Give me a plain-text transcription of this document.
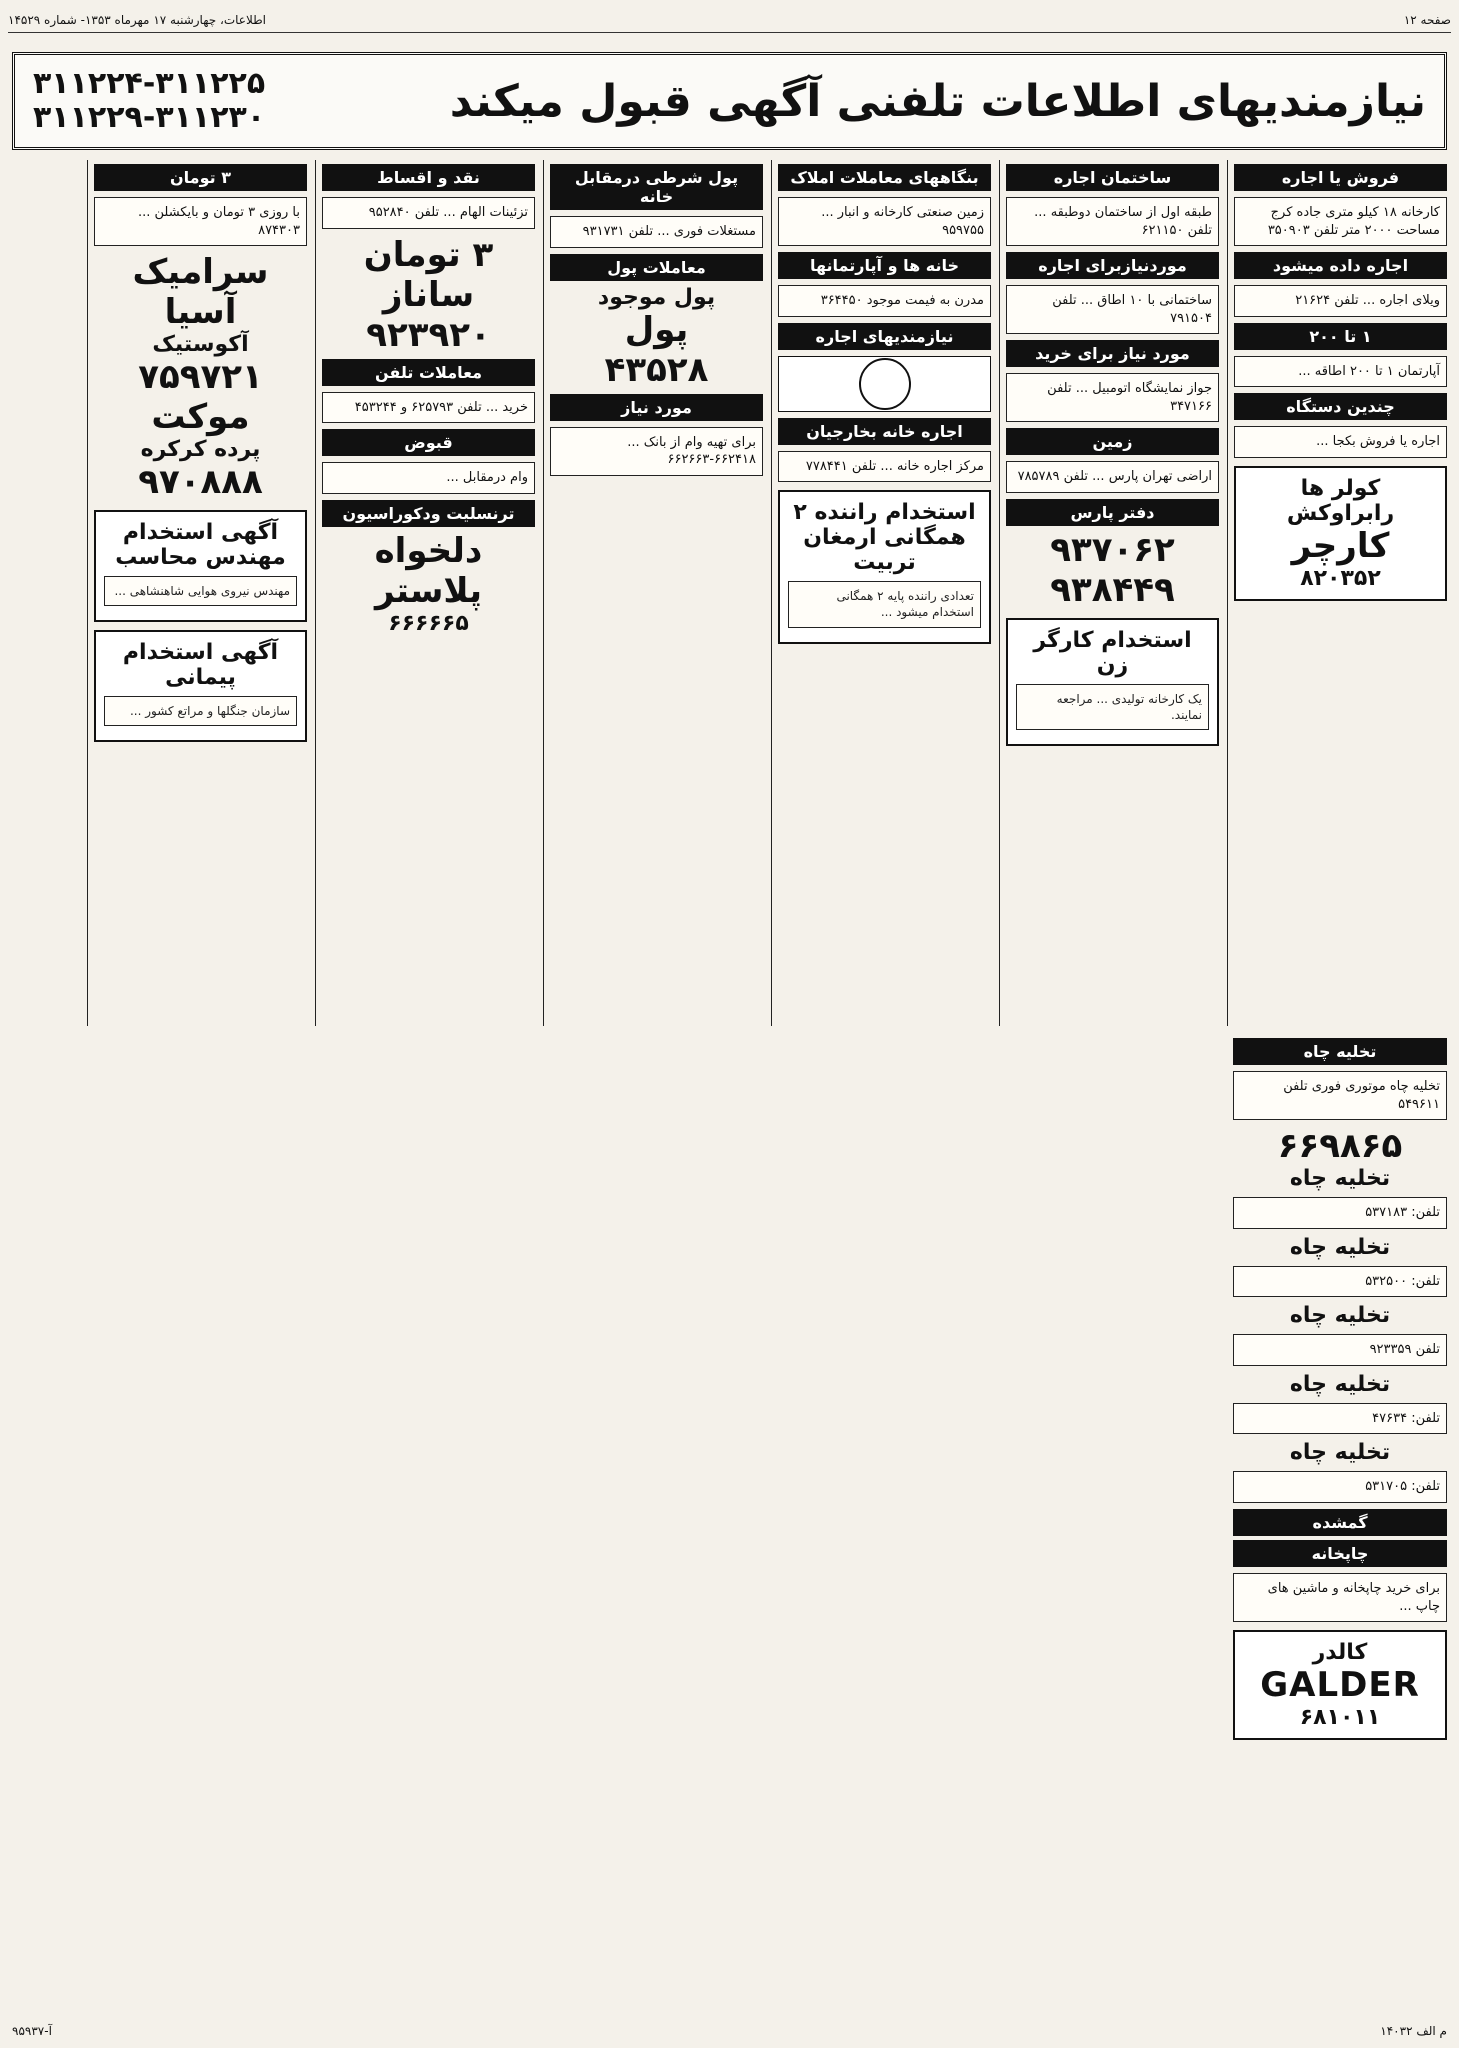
صفحه ۱۲
اطلاعات، چهارشنبه ۱۷ مهرماه ۱۳۵۳- شماره ۱۴۵۲۹
نیازمندیهای اطلاعات تلفنی آگهی قبول میکند
۳۱۱۲۲۴-۳۱۱۲۲۵
۳۱۱۲۲۹-۳۱۱۲۳۰
فروش یا اجاره
کارخانه ۱۸ کیلو متری جاده کرج مساحت ۲۰۰۰ متر تلفن ۳۵۰۹۰۳
اجاره داده میشود
ویلای اجاره ... تلفن ۲۱۶۲۴
۱ تا ۲۰۰
آپارتمان ۱ تا ۲۰۰ اطاقه ...
چندین دستگاه
اجاره یا فروش بکجا ...
کولر ها رابراوکش
کارچر
۸۲۰۳۵۲
ساختمان اجاره
طبقه اول از ساختمان دوطبقه ... تلفن ۶۲۱۱۵۰
موردنیازبرای اجاره
ساختمانی با ۱۰ اطاق ... تلفن ۷۹۱۵۰۴
مورد نیاز برای خرید
جواز نمایشگاه اتومبیل ... تلفن ۳۴۷۱۶۶
زمین
اراضی تهران پارس ... تلفن ۷۸۵۷۸۹
دفتر پارس
۹۳۷۰۶۲
۹۳۸۴۴۹
استخدام کارگر زن
یک کارخانه تولیدی ... مراجعه نمایند.
بنگاههای معاملات املاک
زمین صنعتی کارخانه و انبار ... ۹۵۹۷۵۵
خانه ها و آپارتمانها
مدرن به فیمت موجود ۳۶۴۴۵۰
نیازمندیهای اجاره
اجاره خانه بخارجیان
مرکز اجاره خانه ... تلفن ۷۷۸۴۴۱
استخدام راننده ۲ همگانی ارمغان تربیت
تعدادی راننده پایه ۲ همگانی استخدام میشود ...
پول شرطی درمقابل خانه
مستغلات فوری ... تلفن ۹۳۱۷۳۱
معاملات پول
پول موجود
پول
۴۳۵۲۸
مورد نیاز
برای تهیه وام از بانک ... ۶۶۲۴۱۸-۶۶۲۶۶۳
نقد و اقساط
تزئینات الهام ... تلفن ۹۵۲۸۴۰
۳ تومان
ساناز
۹۲۳۹۲۰
معاملات تلفن
خرید ... تلفن ۶۲۵۷۹۳ و ۴۵۳۲۴۴
قبوض
وام درمقابل ...
ترنسلیت ودکوراسیون
دلخواه
پلاستر
۶۶۶۶۶۵
۳ تومان
با روزی ۳ تومان و بایکشلن ... ۸۷۴۳۰۳
سرامیک آسیا
آکوستیک
۷۵۹۷۲۱
موکت
پرده کرکره
۹۷۰۸۸۸
آگهی استخدام مهندس محاسب
مهندس نیروی هوایی شاهنشاهی ...
آگهی استخدام پیمانی
سازمان جنگلها و مراتع کشور ...
تخلیه چاه
تخلیه چاه موتوری فوری تلفن ۵۴۹۶۱۱
۶۶۹۸۶۵
تخلیه چاه
تلفن: ۵۳۷۱۸۳
تخلیه چاه
تلفن: ۵۳۲۵۰۰
تخلیه چاه
تلفن ۹۲۳۳۵۹
تخلیه چاه
تلفن: ۴۷۶۳۴
تخلیه چاه
تلفن: ۵۳۱۷۰۵
گمشده
چاپخانه
برای خرید چاپخانه و ماشین های چاپ ...
کالدر
GALDER
۶۸۱۰۱۱
م الف ۱۴۰۳۲
آ-۹۵۹۳۷
